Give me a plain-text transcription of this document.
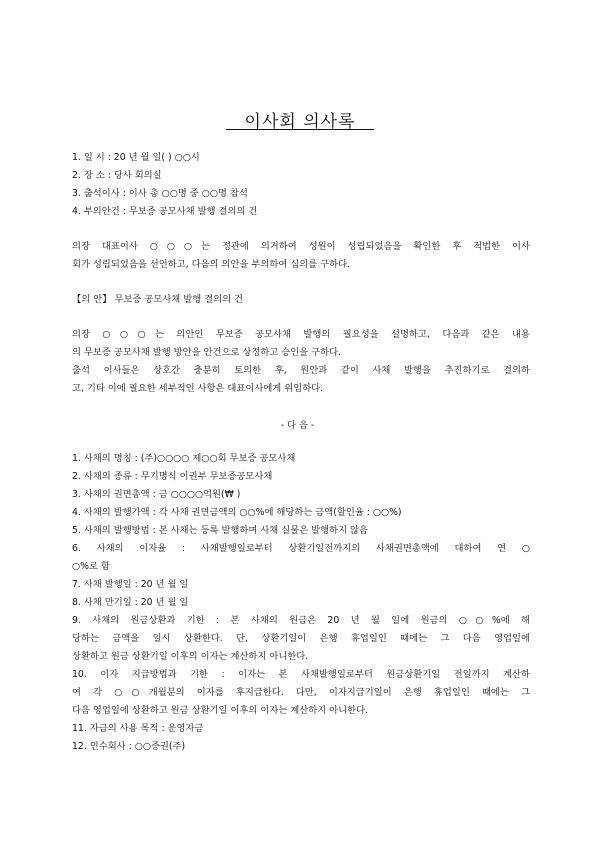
이사회 의사록
1. 일 시 : 20 년 월 일( ) ○○시
2. 장 소 : 당사 회의실
3. 출석이사 : 이사 총 ○○명 중 ○○명 참석
4. 부의안건 : 무보증 공모사채 발행 결의의 건
의장 대표이사 ○○○는 정관에 의거하여 성원이 성립되었음을 확인한 후 적법한 이사
회가 성립되었음을 선언하고, 다음의 의안을 부의하여 심의를 구하다.
【의 안】 무보증 공모사채 발행 결의의 건
의장 ○○○는 의안인 무보증 공모사채 발행의 필요성을 설명하고, 다음과 같은 내용
의 무보증 공모사채 발행 방안을 안건으로 상정하고 승인을 구하다.
출석 이사들은 상호간 충분히 토의한 후, 원안과 같이 사채 발행을 추진하기로 결의하
고, 기타 이에 필요한 세부적인 사항은 대표이사에게 위임하다.
- 다 음 -
1. 사채의 명칭 : (주)○○○○ 제○○회 무보증 공모사채
2. 사채의 종류 : 무기명식 이권부 무보증공모사채
3. 사채의 권면총액 : 금 ○○○○억원(₩ )
4. 사채의 발행가액 : 각 사채 권면금액의 ○○%에 해당하는 금액(할인율 : ○○%)
5. 사채의 발행방법 : 본 사채는 등록 발행하며 사채 실물은 발행하지 않음
6. 사채의 이자율 : 사채발행일로부터 상환기일전까지의 사채권면총액에 대하여 연 ○
○%로 함
7. 사채 발행일 : 20 년 월 일
8. 사채 만기일 : 20 년 월 일
9. 사채의 원금상환과 기한 : 본 사채의 원금은 20 년 월 일에 원금의 ○○%에 해
당하는 금액을 일시 상환한다. 단, 상환기일이 은행 휴업일인 때에는 그 다음 영업일에
상환하고 원금 상환기일 이후의 이자는 계산하지 아니한다.
10. 이자 지급방법과 기한 : 이자는 본 사채발행일로부터 원금상환기일 전일까지 계산하
여 각 ○○개월분의 이자를 후지급한다. 다만, 이자지급기일이 은행 휴업일인 때에는 그
다음 영업일에 상환하고 원금 상환기일 이후의 이자는 계산하지 아니한다.
11. 자금의 사용 목적 : 운영자금
12. 인수회사 : ○○증권(주)
